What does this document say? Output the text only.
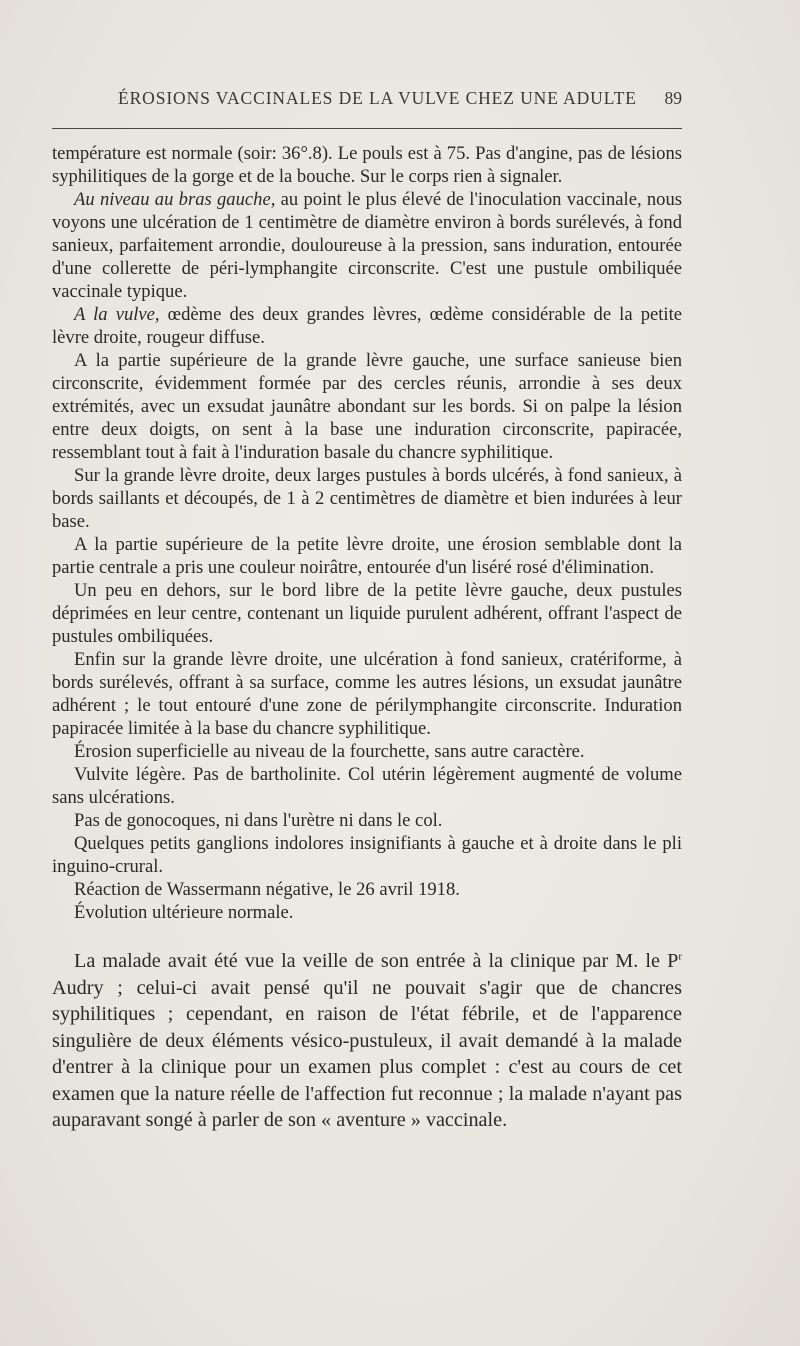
ÉROSIONS VACCINALES DE LA VULVE CHEZ UNE ADULTE 89

température est normale (soir: 36°.8). Le pouls est à 75. Pas d'angine, pas de lésions syphilitiques de la gorge et de la bouche. Sur le corps rien à signaler.

Au niveau au bras gauche, au point le plus élevé de l'inoculation vaccinale, nous voyons une ulcération de 1 centimètre de diamètre environ à bords surélevés, à fond sanieux, parfaitement arrondie, douloureuse à la pression, sans induration, entourée d'une collerette de péri-lymphangite circonscrite. C'est une pustule ombiliquée vaccinale typique.

A la vulve, œdème des deux grandes lèvres, œdème considérable de la petite lèvre droite, rougeur diffuse.

A la partie supérieure de la grande lèvre gauche, une surface sanieuse bien circonscrite, évidemment formée par des cercles réunis, arrondie à ses deux extrémités, avec un exsudat jaunâtre abondant sur les bords. Si on palpe la lésion entre deux doigts, on sent à la base une induration circonscrite, papiracée, ressemblant tout à fait à l'induration basale du chancre syphilitique.

Sur la grande lèvre droite, deux larges pustules à bords ulcérés, à fond sanieux, à bords saillants et découpés, de 1 à 2 centimètres de diamètre et bien indurées à leur base.

A la partie supérieure de la petite lèvre droite, une érosion semblable dont la partie centrale a pris une couleur noirâtre, entourée d'un liséré rosé d'élimination.

Un peu en dehors, sur le bord libre de la petite lèvre gauche, deux pustules déprimées en leur centre, contenant un liquide purulent adhérent, offrant l'aspect de pustules ombiliquées.

Enfin sur la grande lèvre droite, une ulcération à fond sanieux, cratériforme, à bords surélevés, offrant à sa surface, comme les autres lésions, un exsudat jaunâtre adhérent ; le tout entouré d'une zone de périlymphangite circonscrite. Induration papiracée limitée à la base du chancre syphilitique.

Érosion superficielle au niveau de la fourchette, sans autre caractère.

Vulvite légère. Pas de bartholinite. Col utérin légèrement augmenté de volume sans ulcérations.

Pas de gonocoques, ni dans l'urètre ni dans le col.

Quelques petits ganglions indolores insignifiants à gauche et à droite dans le pli inguino-crural.

Réaction de Wassermann négative, le 26 avril 1918.

Évolution ultérieure normale.

La malade avait été vue la veille de son entrée à la clinique par M. le $P^r$ Audry ; celui-ci avait pensé qu'il ne pouvait s'agir que de chancres syphilitiques ; cependant, en raison de l'état fébrile, et de l'apparence singulière de deux éléments vésico-pustuleux, il avait demandé à la malade d'entrer à la clinique pour un examen plus complet : c'est au cours de cet examen que la nature réelle de l'affection fut reconnue ; la malade n'ayant pas auparavant songé à parler de son « aventure » vaccinale.
